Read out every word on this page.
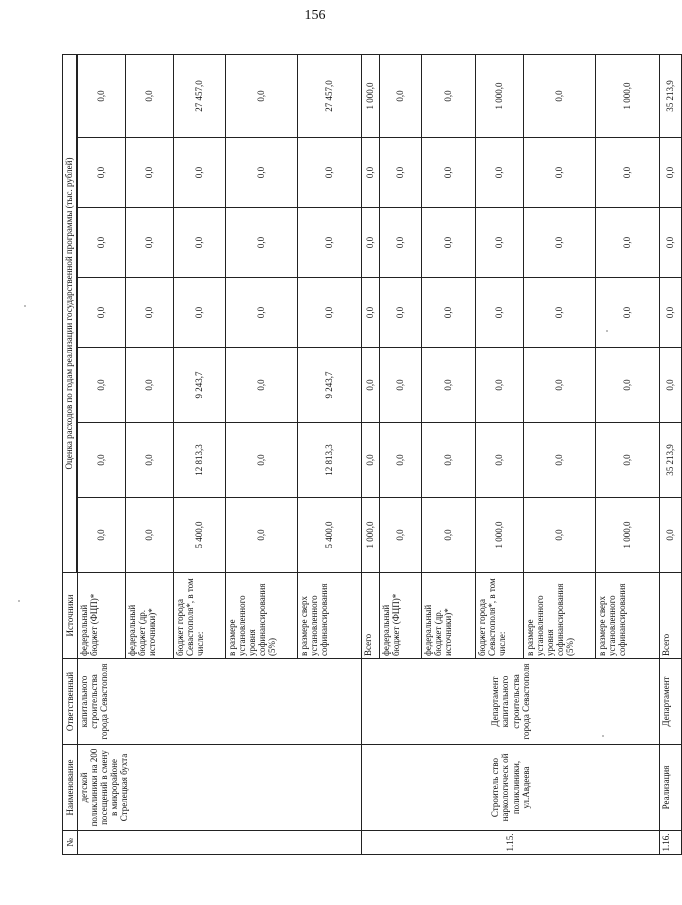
156
№	Наименование	Ответственный	Источники	Оценка расходов по годам реализации государственной программы (тыс. рублей)						

	детской поликлиники на 200 посещений в смену в микрорайоне Стрелецкая бухта	капитального строительства города Севастополя	федеральный бюджет (ФЦП)*	0,0	0,0	0,0	0,0	0,0	0,0	0,0
			федеральный бюджет (др. источники)*	0,0	0,0	0,0	0,0	0,0	0,0	0,0
			бюджет города Севастополя*, в том числе:	5 400,0	12 813,3	9 243,7	0,0	0,0	0,0	27 457,0
			в размере установленного уровня софинансирования (5%)	0,0	0,0	0,0	0,0	0,0	0,0	0,0
			в размере сверх установленного софинансирования	5 400,0	12 813,3	9 243,7	0,0	0,0	0,0	27 457,0
1.15.	Строитель ство наркологическ ой поликлиники, ул.Авдеева	Департамент капитального строительства города Севастополя	Всего	1 000,0	0,0	0,0	0,0	0,0	0,0	1 000,0
			федеральный бюджет (ФЦП)*	0,0	0,0	0,0	0,0	0,0	0,0	0,0
			федеральный бюджет (др. источники)*	0,0	0,0	0,0	0,0	0,0	0,0	0,0
			бюджет города Севастополя*, в том числе:	1 000,0	0,0	0,0	0,0	0,0	0,0	1 000,0
			в размере установленного уровня софинансирования (5%)	0,0	0,0	0,0	0,0	0,0	0,0	0,0
			в размере сверх установленного софинансирования	1 000,0	0,0	0,0	0,0	0,0	0,0	1 000,0
1.16.	Реализация	Департамент	Всего	0,0	35 213,9	0,0	0,0	0,0	0,0	35 213,9
